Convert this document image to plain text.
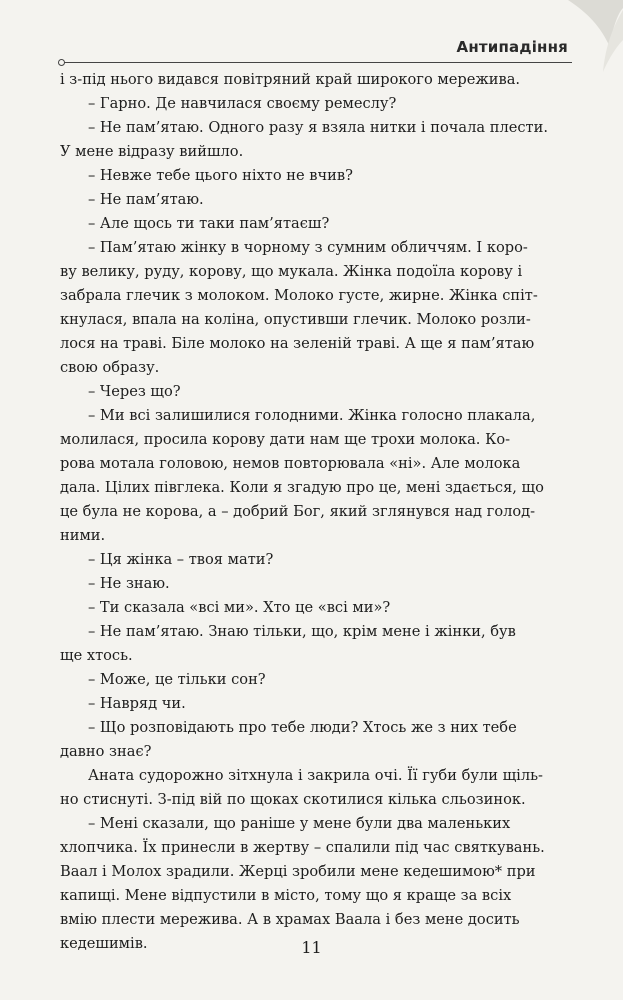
Антипадіння

і з-під нього видався повітряний край широкого мережива.

– Гарно. Де навчилася своєму ремеслу?

– Не пам’ятаю. Одного разу я взяла нитки і почала плести.
У мене відразу вийшло.

– Невже тебе цього ніхто не вчив?

– Не пам’ятаю.

– Але щось ти таки пам’ятаєш?

– Пам’ятаю жінку в чорному з сумним обличчям. І коро-
ву велику, руду, корову, що мукала. Жінка подоїла корову і
забрала глечик з молоком. Молоко густе, жирне. Жінка спіт-
кнулася, впала на коліна, опустивши глечик. Молоко розли-
лося на траві. Біле молоко на зеленій траві. А ще я пам’ятаю
свою образу.

– Через що?

– Ми всі залишилися голодними. Жінка голосно плакала,
молилася, просила корову дати нам ще трохи молока. Ко-
рова мотала головою, немов повторювала «ні». Але молока
дала. Цілих півглека. Коли я згадую про це, мені здається, що
це була не корова, а – добрий Бог, який зглянувся над голод-
ними.

– Ця жінка – твоя мати?

– Не знаю.

– Ти сказала «всі ми». Хто це «всі ми»?

– Не пам’ятаю. Знаю тільки, що, крім мене і жінки, був
ще хтось.

– Може, це тільки сон?

– Навряд чи.

– Що розповідають про тебе люди? Хтось же з них тебе
давно знає?

Аната судорожно зітхнула і закрила очі. Її губи були щіль-
но стиснуті. З-під вій по щоках скотилися кілька сльозинок.

– Мені сказали, що раніше у мене були два маленьких
хлопчика. Їх принесли в жертву – спалили під час святкувань.
Ваал і Молох зрадили. Жерці зробили мене кедешимою* при
капищі. Мене відпустили в місто, тому що я краще за всіх
вмію плести мережива. А в храмах Ваала і без мене досить
кедешимів.	11
